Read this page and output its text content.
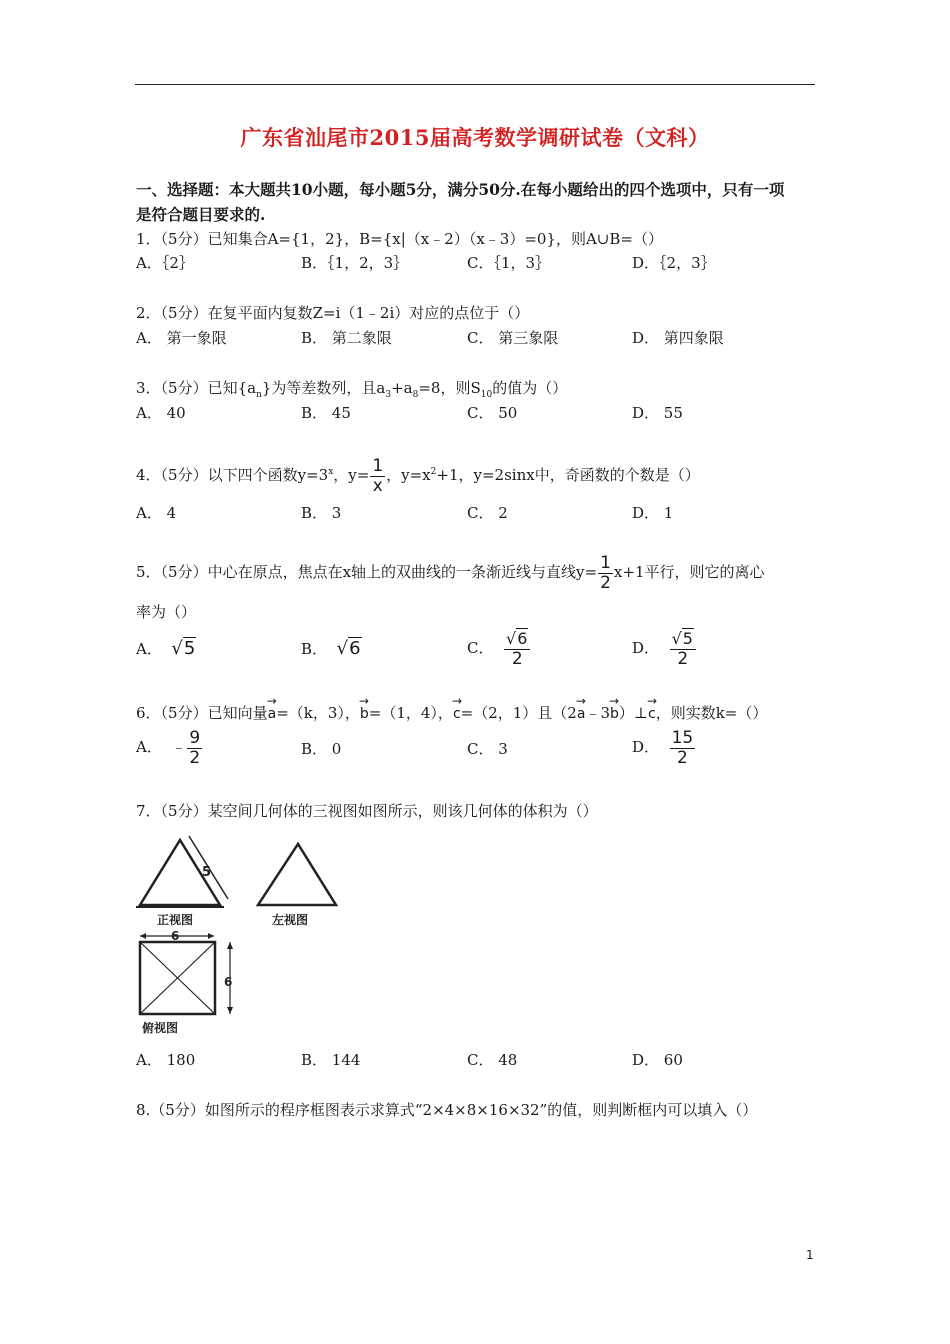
广东省汕尾市2015届高考数学调研试卷（文科）
一、选择题：本大题共10小题，每小题5分，满分50分.在每小题给出的四个选项中，只有一项
是符合题目要求的.
1．（5分）已知集合A={1，2}，B={x|（x﹣2）（x﹣3）=0}，则A∪B=（）
A．｛2｝	B．｛1，2，3｝	C．｛1，3｝	D．｛2，3｝
2．（5分）在复平面内复数Z=i（1﹣2i）对应的点位于（）
A． 第一象限	B． 第二象限	C． 第三象限	D． 第四象限
3．（5分）已知$\{a_n\}$为等差数列，且$a_3+a_8=8$，则$S_{10}$的值为（）
A． 40	B． 45	C． 50	D． 55
4．（5分）以下四个函数$y=3^x$，$y= \frac{1}{x}$ ，$y=x^2+1$，y=2sinx中，奇函数的个数是（）
A． 4	B． 3	C． 2	D． 1
5．（5分）中心在原点，焦点在x轴上的双曲线的一条渐近线与直线$y= \frac{1}{2} x+1$平行，则它的离心
率为（）
A． √5	B． √6	C． $\frac{√6}{2}$	D． $\frac{√5}{2}$
6．（5分）已知向量→ a=（k，3），→ b=（1，4），→ c=（2，1）且（2→ a﹣3→ b）⊥→ c，则实数k=（）
A． ﹣ $\frac{9}{2}$	B． 0	C． 3	D． $\frac{15}{2}$
7．（5分）某空间几何体的三视图如图所示，则该几何体的体积为（）
5
正视图	左视图
6
6
俯视图
A． 180	B． 144	C． 48	D． 60
8.（5分）如图所示的程序框图表示求算式“2×4×8×16×32”的值，则判断框内可以填入（）
1
